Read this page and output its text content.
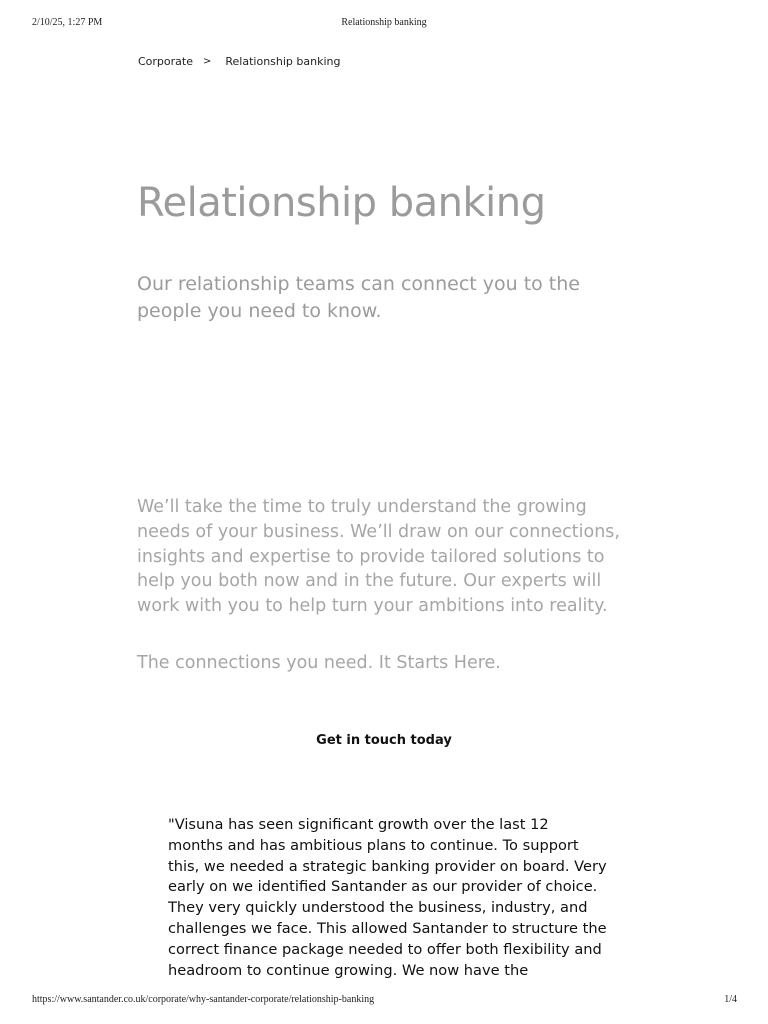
2/10/25, 1:27 PM	Relationship banking
Corporate > Relationship banking
Relationship banking

Our relationship teams can connect you to the people you need to know.

We’ll take the time to truly understand the growing needs of your business. We’ll draw on our connections, insights and expertise to provide tailored solutions to help you both now and in the future. Our experts will work with you to help turn your ambitions into reality.

The connections you need. It Starts Here.

Get in touch today

"Visuna has seen significant growth over the last 12 months and has ambitious plans to continue. To support this, we needed a strategic banking provider on board. Very early on we identified Santander as our provider of choice. They very quickly understood the business, industry, and challenges we face. This allowed Santander to structure the correct finance package needed to offer both flexibility and headroom to continue growing. We now have the

https://www.santander.co.uk/corporate/why-santander-corporate/relationship-banking	1/4
